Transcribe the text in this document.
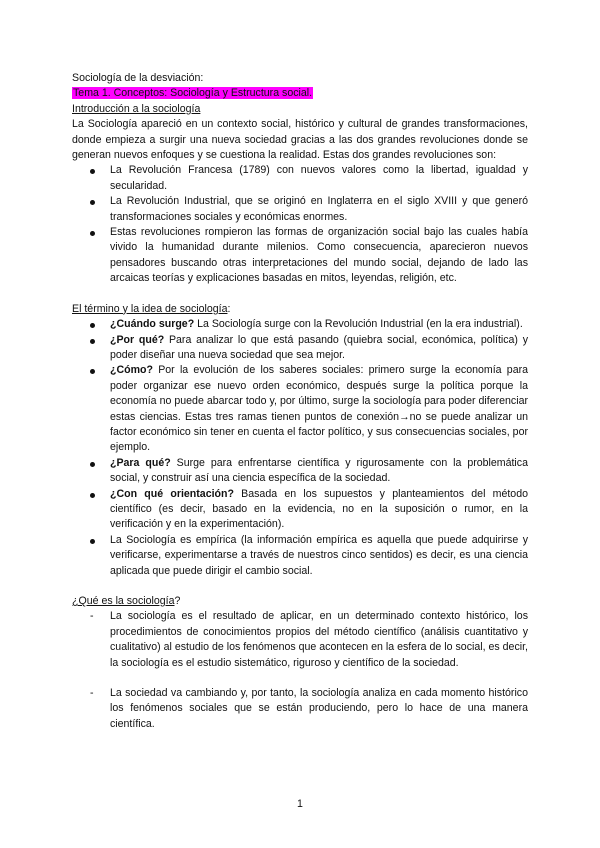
Sociología de la desviación:

Tema 1. Conceptos: Sociología y Estructura social.

Introducción a la sociología

La Sociología apareció en un contexto social, histórico y cultural de grandes transformaciones, donde empieza a surgir una nueva sociedad gracias a las dos grandes revoluciones donde se generan nuevos enfoques y se cuestiona la realidad. Estas dos grandes revoluciones son:

La Revolución Francesa (1789) con nuevos valores como la libertad, igualdad y secularidad.
La Revolución Industrial, que se originó en Inglaterra en el siglo XVIII y que generó transformaciones sociales y económicas enormes.
Estas revoluciones rompieron las formas de organización social bajo las cuales había vivido la humanidad durante milenios. Como consecuencia, aparecieron nuevos pensadores buscando otras interpretaciones del mundo social, dejando de lado las arcaicas teorías y explicaciones basadas en mitos, leyendas, religión, etc.

El término y la idea de sociología:

¿Cuándo surge? La Sociología surge con la Revolución Industrial (en la era industrial).
¿Por qué? Para analizar lo que está pasando (quiebra social, económica, política) y poder diseñar una nueva sociedad que sea mejor.
¿Cómo? Por la evolución de los saberes sociales: primero surge la economía para poder organizar ese nuevo orden económico, después surge la política porque la economía no puede abarcar todo y, por último, surge la sociología para poder diferenciar estas ciencias. Estas tres ramas tienen puntos de conexión→no se puede analizar un factor económico sin tener en cuenta el factor político, y sus consecuencias sociales, por ejemplo.
¿Para qué? Surge para enfrentarse científica y rigurosamente con la problemática social, y construir así una ciencia específica de la sociedad.
¿Con qué orientación? Basada en los supuestos y planteamientos del método científico (es decir, basado en la evidencia, no en la suposición o rumor, en la verificación y en la experimentación).
La Sociología es empírica (la información empírica es aquella que puede adquirirse y verificarse, experimentarse a través de nuestros cinco sentidos) es decir, es una ciencia aplicada que puede dirigir el cambio social.

¿Qué es la sociología?

- La sociología es el resultado de aplicar, en un determinado contexto histórico, los procedimientos de conocimientos propios del método científico (análisis cuantitativo y cualitativo) al estudio de los fenómenos que acontecen en la esfera de lo social, es decir, la sociología es el estudio sistemático, riguroso y científico de la sociedad.
- La sociedad va cambiando y, por tanto, la sociología analiza en cada momento histórico los fenómenos sociales que se están produciendo, pero lo hace de una manera científica.
1
